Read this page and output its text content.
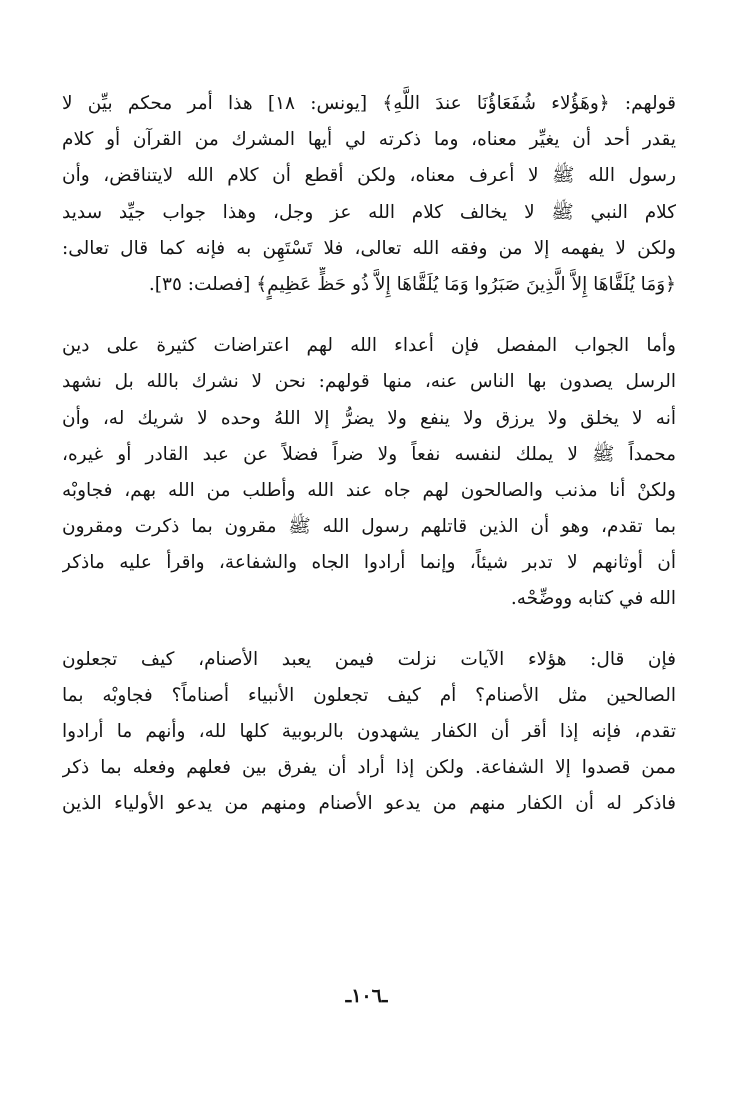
قولهم: ﴿وهَؤُلاء شُفَعَاؤُنَا عندَ اللَّهِ﴾ [يونس: ١٨] هذا أمر محكم بيِّن لا
يقدر أحد أن يغيِّر معناه، وما ذكرته لي أيها المشرك من القرآن أو كلام
رسول الله ﷺ لا أعرف معناه، ولكن أقطع أن كلام الله لايتناقض، وأن
كلام النبي ﷺ لا يخالف كلام الله عز وجل، وهذا جواب جيِّد سديد
ولكن لا يفهمه إلا من وفقه الله تعالى، فلا تَسْتَهِن به فإنه كما قال تعالى:
﴿وَمَا يُلَقَّاهَا إِلاَّ الَّذِينَ صَبَرُوا وَمَا يُلَقَّاهَا إِلاَّ ذُو حَظٍّ عَظِيمٍ﴾ [فصلت: ٣٥].
وأما الجواب المفصل فإن أعداء الله لهم اعتراضات كثيرة على دين
الرسل يصدون بها الناس عنه، منها قولهم: نحن لا نشرك بالله بل نشهد
أنه لا يخلق ولا يرزق ولا ينفع ولا يضرُّ إلا اللهُ وحده لا شريك له، وأن
محمداً ﷺ لا يملك لنفسه نفعاً ولا ضراً فضلاً عن عبد القادر أو غيره،
ولكنْ أنا مذنب والصالحون لهم جاه عند الله وأطلب من الله بهم، فجاوبْه
بما تقدم، وهو أن الذين قاتلهم رسول الله ﷺ مقرون بما ذكرت ومقرون
أن أوثانهم لا تدبر شيئاً، وإنما أرادوا الجاه والشفاعة، واقرأ عليه ماذكر
الله في كتابه ووضِّحْه.
فإن قال: هؤلاء الآيات نزلت فيمن يعبد الأصنام، كيف تجعلون
الصالحين مثل الأصنام؟ أم كيف تجعلون الأنبياء أصناماً؟ فجاوبْه بما
تقدم، فإنه إذا أقر أن الكفار يشهدون بالربوبية كلها لله، وأنهم ما أرادوا
ممن قصدوا إلا الشفاعة. ولكن إذا أراد أن يفرق بين فعلهم وفعله بما ذكر
فاذكر له أن الكفار منهم من يدعو الأصنام ومنهم من يدعو الأولياء الذين
ـ١٠٦ـ
